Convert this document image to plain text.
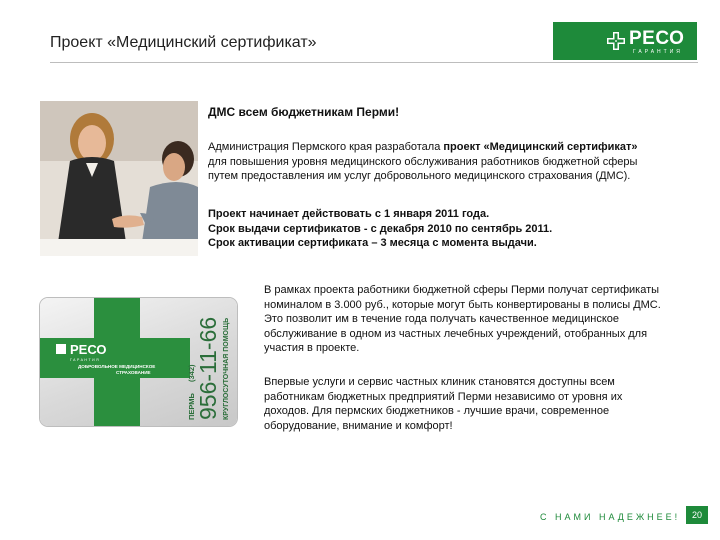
Проект «Медицинский сертификат»	РЕСО
ГАРАНТИЯ
РЕСО
ГАРАНТИЯ
ДОБРОВОЛЬНОЕ МЕДИЦИНСКОЕ
СТРАХОВАНИЕ 956-11-66 КРУГЛОСУТОЧНАЯ ПОМОЩЬ
ПЕРМЬ
(342)
ДМС всем бюджетникам Перми!
Администрация Пермского края разработала проект «Медицинский сертификат»
для повышения уровня медицинского обслуживания работников бюджетной сферы
путем предоставления им услуг добровольного медицинского страхования (ДМС).
Проект начинает действовать с 1 января 2011 года.
Срок выдачи сертификатов - с декабря 2010 по сентябрь 2011.
Срок активации сертификата – 3 месяца с момента выдачи.
В рамках проекта работники бюджетной сферы Перми получат сертификаты номиналом в 3.000 руб., которые могут быть конвертированы в полисы ДМС. Это позволит им в течение года получать качественное медицинское обслуживание в одном из частных лечебных учреждений, отобранных для участия в проекте.
Впервые услуги и сервис частных клиник становятся доступны всем работникам бюджетных предприятий Перми независимо от уровня их доходов. Для пермских бюджетников - лучшие врачи, современное оборудование, внимание и комфорт!
С НАМИ НАДЕЖНЕЕ!	20
